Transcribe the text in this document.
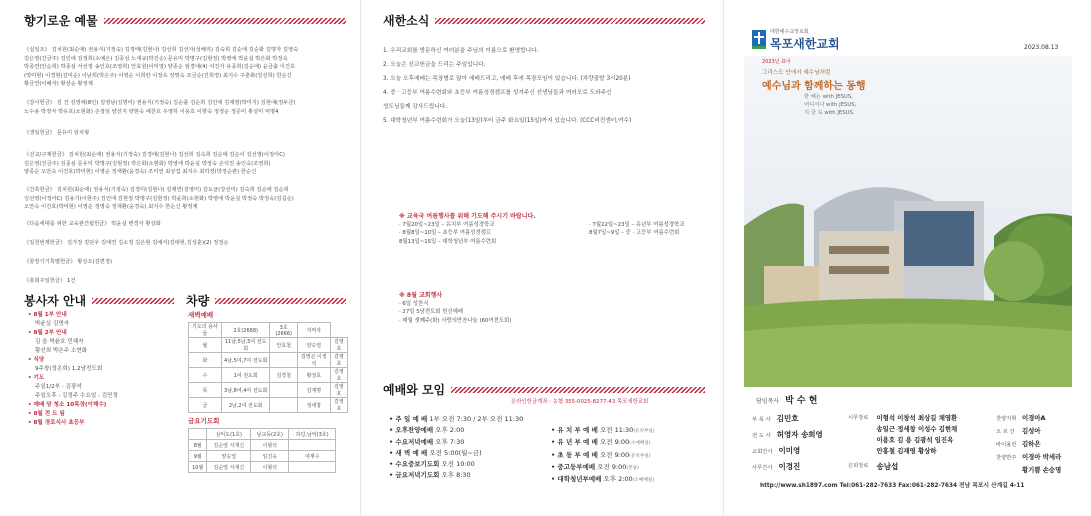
향기로운 예물
《십일조》 김치원(최순애) 권용식(기정숙) 김경태(김현나) 김선희 김선자(성해리) 김숙희 김순애 김순화 김명자 김영숙
김은영(진금주) 김인애 김정희(소예은) 김종심 노새규(박진순) 문유미 박명구(김현정) 박영애 박윤실 박은화 박정숙
박종연(안순희) 박종심 서선정 송인호(조영희) 안효원(이미영) 양종순 엄경애(4) 여진자 유종희(김순애) 윤금출 이건호
(박미현) 이경현(김미순) 이남희(박은주) 이영순 이희란 이정옥 정명숙 조금순(진희정) 최지수 주춘화(김선희) 한순신
황금연(이혜자) 황상순 황정제
《감사헌금》 김 건 김영애(8인) 김영남(김명미) 권용식(기정숙) 김순출 김순희 김인애 김재영(박미지) 김현애(정두금)
노수용 박정자 박유호(소현화) 손정임 양선지 양현숙 예찬호 우영하 이용호 이향숙 정정순 정준미 홍성미 익명4
《생일헌금》 문유미 임치형
《선교/구제헌금》 김치원(최순애) 권용식(기정숙) 김경태(김현나) 김선희 김숙희 김순애 김순이 김선영(이정아C)
김은영(진금주) 김종심 문유미 박명구(김현정) 박은화(소현화) 박영애 박윤실 박정숙 손석진 송인숙(조영희)
양종순 오만숙 이건호(박미현) 이영순 정재환(윤경숙) 조미연 최상집 최지수 최하정(박정순관) 한순신
《건축헌금》 김치원(최순애) 권용식(기정숙) 김경미(김현나) 김재연(김영미) 김도균(강선미) 김숙희 김순애 김순희
김선영(이정아C) 김용기(이현주) 김인애 김현정 박명구(김현정) 박윤희(소현화) 박영애 박윤실 박정숙 박정숙(김길순)
오만숙 이건호(박미현) 이영순 정명숙 정재환(윤경숙) 최지수 한순신 황정제
《다음세대를 위한 교육관건립헌금》 박윤실 변경자 황상화
《일천번제헌금》 김가정 김단우 김대연 김소정 김은현 김예서(김대현,김성훈)(2) 정정순
《꿈장기기특별헌금》 황상오(김면정)
《총회주일헌금》 1건
봉사자 안내
• 8월 1부 안내
박윤실 김명자
• 8월 2부 안내
김 을 박윤호 민혜자
황선희 박은주 소현화
• 식당
9주창(정은희) 1,2남전도회
• 기도
주일1/2부 : 김광석
주일오후 : 김정주 수요일 : 김민정
• 예배 당 청소 10목장(이해수)
• 8월 전 도 팀
• 8월 경로식사 초등부
차량
새벽예배
기도의 용사들	2호(2668)	3호(2666)	지역자	
월	11남,5남,5여 전도회	안효철	양승열	김영호
화	4남,5여,7여 전도회		김영곤 이정석	김영호
수	1여 전도회	김경철	황정호	김영호
목	3남,8여,4여 전도회		김재명	김영호
금	2남,2여 전도회		정세창	김영호
금요기도회
	삼익도(1호)	남교동(2호)	하당,남악(3호)
8월	김순열 서재신	이형석	
9월	양승열	임진옥	여재수
10월	김순열 서재신	이형석	
새한소식
1. 우리교회를 방문하신 여러분을 주님의 이름으로 환영합니다.
2. 오늘은 선교헌금을 드리는 주일입니다.
3. 오늘 오후예배는 목장별로 많아 예배드리고, 예배 후에 목장모임이 있습니다. (차량출발 3시20분)
4. 중 · 고등부 여름수련회와 초등부 여름성경캠프를 성겨주신 선생님들과 여러모로 도와주신
성도님들께 감사드립니다.
5. 대학청년부 여름수련회가 오늘(13일)부터 금주 화요일(15일)까지 있습니다. (CCC비전센터,여수)
※ 교육국 여름행사를 위해 기도해 주시기 바랍니다.
· 7월20일~23일 – 유치부 여름성경학교
· 8월8일~10일 – 초등부 여름성경캠프
8월13일~15일 – 대학청년부 여름수련회
· 7월22일~23일 – 유년부 여름성경학교
8월7일~9일 – 중 · 고등부 여름수련회
※ 8월 교회행사
· 6일 성찬식
· 27일 5남전도회 헌신예배
· 매월 셋째주(화) 사랑의반찬나눔 (60여전도회)
예배와 모임
온라인헌금계좌 : 농협 355-0025-8277-43 목포새한교회
• 주 일 예 배 1부 오전 7:30 / 2부 오전 11:30
• 오후찬양예배 오후 2:00
• 수요저녁예배 오후 7:30
• 새 벽 예 배 오전 5:00(월~금)
• 수요중보기도회 오전 10:00
• 금요저녁기도회 오후 8:30
• 유 치 부 예 배 오전 11:30(유치부실)
• 유 년 부 예 배 오전 9:00(소예배실)
• 초 등 부 예 배 오전 9:00(유치부실)
• 중고등부예배 오전 9:00(본당)
• 대학청년부예배 오후 2:00(소예배실)
대한예수교장로회
목포새한교회	2023.08.13
2023년 표어
그리스도 안에서 예수님처럼
예수님과 함께하는 동행
한 해는 with JESUS,
어디서나 with JESUS,
지 금 도 with JESUS.
담임목사 박 수 현
부 목 사 김민호
전 도 사 허영자 송희영
교회간사 이미영
사무간사 이경진
시무장로 이형석 이창석 최상길 채영환
송일근 정세창 이성수 김현채
이용호 김 용 김광석 임진옥
안홍철 김재영 황상하
은퇴장로 송남섭
찬양지휘 이경아A
오 르 간 김성아
바이올린 김하은
찬양반주 이경아 박세라
황기쁨 손승명
http://www.sh1897.com Tel:061-282-7633 Fax:061-282-7634 전남 목포시 산계길 4-11
